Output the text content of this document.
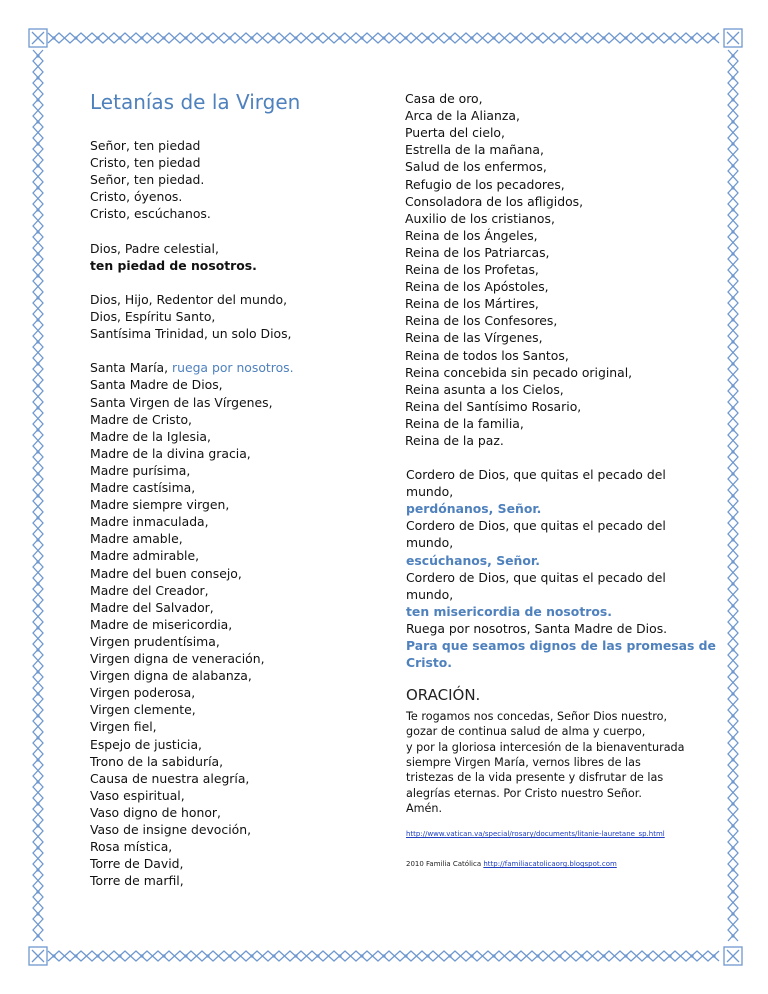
Letanías de la Virgen
Señor, ten piedad
Cristo, ten piedad
Señor, ten piedad.
Cristo, óyenos.
Cristo, escúchanos.
Dios, Padre celestial,
ten piedad de nosotros.
Dios, Hijo, Redentor del mundo,
Dios, Espíritu Santo,
Santísima Trinidad, un solo Dios,
Santa María, ruega por nosotros.
Santa Madre de Dios,
Santa Virgen de las Vírgenes,
Madre de Cristo,
Madre de la Iglesia,
Madre de la divina gracia,
Madre purísima,
Madre castísima,
Madre siempre virgen,
Madre inmaculada,
Madre amable,
Madre admirable,
Madre del buen consejo,
Madre del Creador,
Madre del Salvador,
Madre de misericordia,
Virgen prudentísima,
Virgen digna de veneración,
Virgen digna de alabanza,
Virgen poderosa,
Virgen clemente,
Virgen fiel,
Espejo de justicia,
Trono de la sabiduría,
Causa de nuestra alegría,
Vaso espiritual,
Vaso digno de honor,
Vaso de insigne devoción,
Rosa mística,
Torre de David,
Torre de marfil,
Casa de oro,
Arca de la Alianza,
Puerta del cielo,
Estrella de la mañana,
Salud de los enfermos,
Refugio de los pecadores,
Consoladora de los afligidos,
Auxilio de los cristianos,
Reina de los Ángeles,
Reina de los Patriarcas,
Reina de los Profetas,
Reina de los Apóstoles,
Reina de los Mártires,
Reina de los Confesores,
Reina de las Vírgenes,
Reina de todos los Santos,
Reina concebida sin pecado original,
Reina asunta a los Cielos,
Reina del Santísimo Rosario,
Reina de la familia,
Reina de la paz.
Cordero de Dios, que quitas el pecado del
mundo,
perdónanos, Señor.
Cordero de Dios, que quitas el pecado del
mundo,
escúchanos, Señor.
Cordero de Dios, que quitas el pecado del
mundo,
ten misericordia de nosotros.
Ruega por nosotros, Santa Madre de Dios.
Para que seamos dignos de las promesas de
Cristo.
ORACIÓN.
Te rogamos nos concedas, Señor Dios nuestro,
gozar de continua salud de alma y cuerpo,
y por la gloriosa intercesión de la bienaventurada
siempre Virgen María, vernos libres de las
tristezas de la vida presente y disfrutar de las
alegrías eternas. Por Cristo nuestro Señor.
Amén.
http://www.vatican.va/special/rosary/documents/litanie-lauretane_sp.html
2010 Familia Católica http://familiacatolicaorg.blogspot.com
